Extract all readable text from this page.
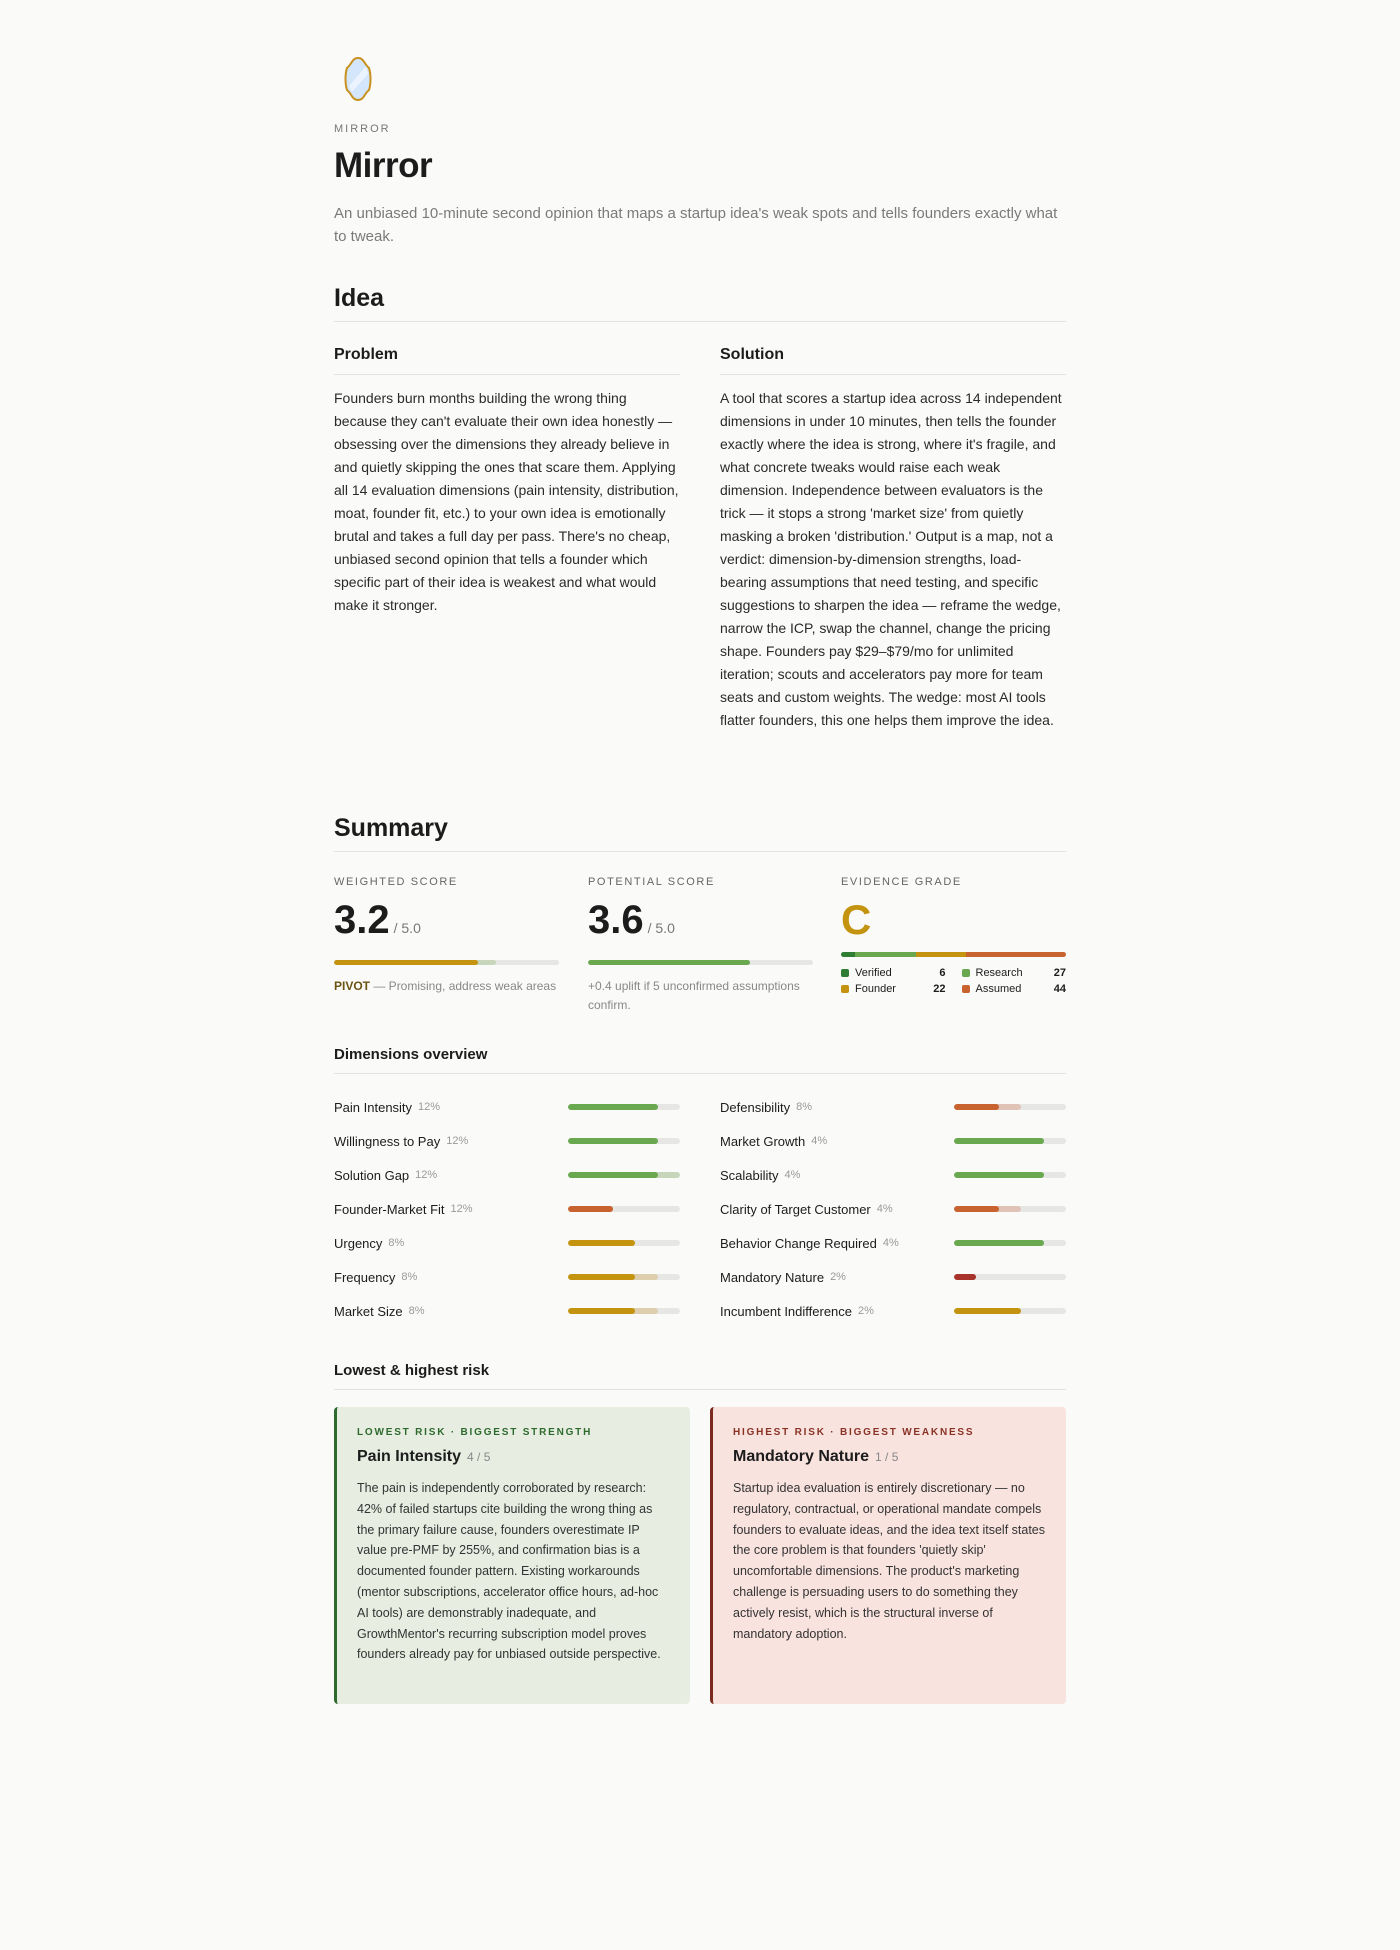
MIRROR
Mirror
An unbiased 10-minute second opinion that maps a startup idea's weak spots and tells founders exactly what to tweak.
Idea
Problem

Founders burn months building the wrong thing because they can't evaluate their own idea honestly — obsessing over the dimensions they already believe in and quietly skipping the ones that scare them. Applying all 14 evaluation dimensions (pain intensity, distribution, moat, founder fit, etc.) to your own idea is emotionally brutal and takes a full day per pass. There's no cheap, unbiased second opinion that tells a founder which specific part of their idea is weakest and what would make it stronger.

Solution

A tool that scores a startup idea across 14 independent dimensions in under 10 minutes, then tells the founder exactly where the idea is strong, where it's fragile, and what concrete tweaks would raise each weak dimension. Independence between evaluators is the trick — it stops a strong 'market size' from quietly masking a broken 'distribution.' Output is a map, not a verdict: dimension-by-dimension strengths, load-bearing assumptions that need testing, and specific suggestions to sharpen the idea — reframe the wedge, narrow the ICP, swap the channel, change the pricing shape. Founders pay $29–$79/mo for unlimited iteration; scouts and accelerators pay more for team seats and custom weights. The wedge: most AI tools flatter founders, this one helps them improve the idea.

Summary
WEIGHTED SCORE
3.2 / 5.0
PIVOT — Promising, address weak areas
POTENTIAL SCORE
3.6 / 5.0
+0.4 uplift if 5 unconfirmed assumptions confirm.
EVIDENCE GRADE
C
Verified	6	Research	27
Founder	22	Assumed	44
Dimensions overview
Pain Intensity 12%	Defensibility 8%
Willingness to Pay 12%	Market Growth 4%
Solution Gap 12%	Scalability 4%
Founder-Market Fit 12%	Clarity of Target Customer 4%
Urgency 8%	Behavior Change Required 4%
Frequency 8%	Mandatory Nature 2%
Market Size 8%	Incumbent Indifference 2%
Lowest & highest risk
LOWEST RISK · BIGGEST STRENGTH
Pain Intensity 4 / 5

The pain is independently corroborated by research: 42% of failed startups cite building the wrong thing as the primary failure cause, founders overestimate IP value pre-PMF by 255%, and confirmation bias is a documented founder pattern. Existing workarounds (mentor subscriptions, accelerator office hours, ad-hoc AI tools) are demonstrably inadequate, and GrowthMentor's recurring subscription model proves founders already pay for unbiased outside perspective.

HIGHEST RISK · BIGGEST WEAKNESS
Mandatory Nature 1 / 5

Startup idea evaluation is entirely discretionary — no regulatory, contractual, or operational mandate compels founders to evaluate ideas, and the idea text itself states the core problem is that founders 'quietly skip' uncomfortable dimensions. The product's marketing challenge is persuading users to do something they actively resist, which is the structural inverse of mandatory adoption.
